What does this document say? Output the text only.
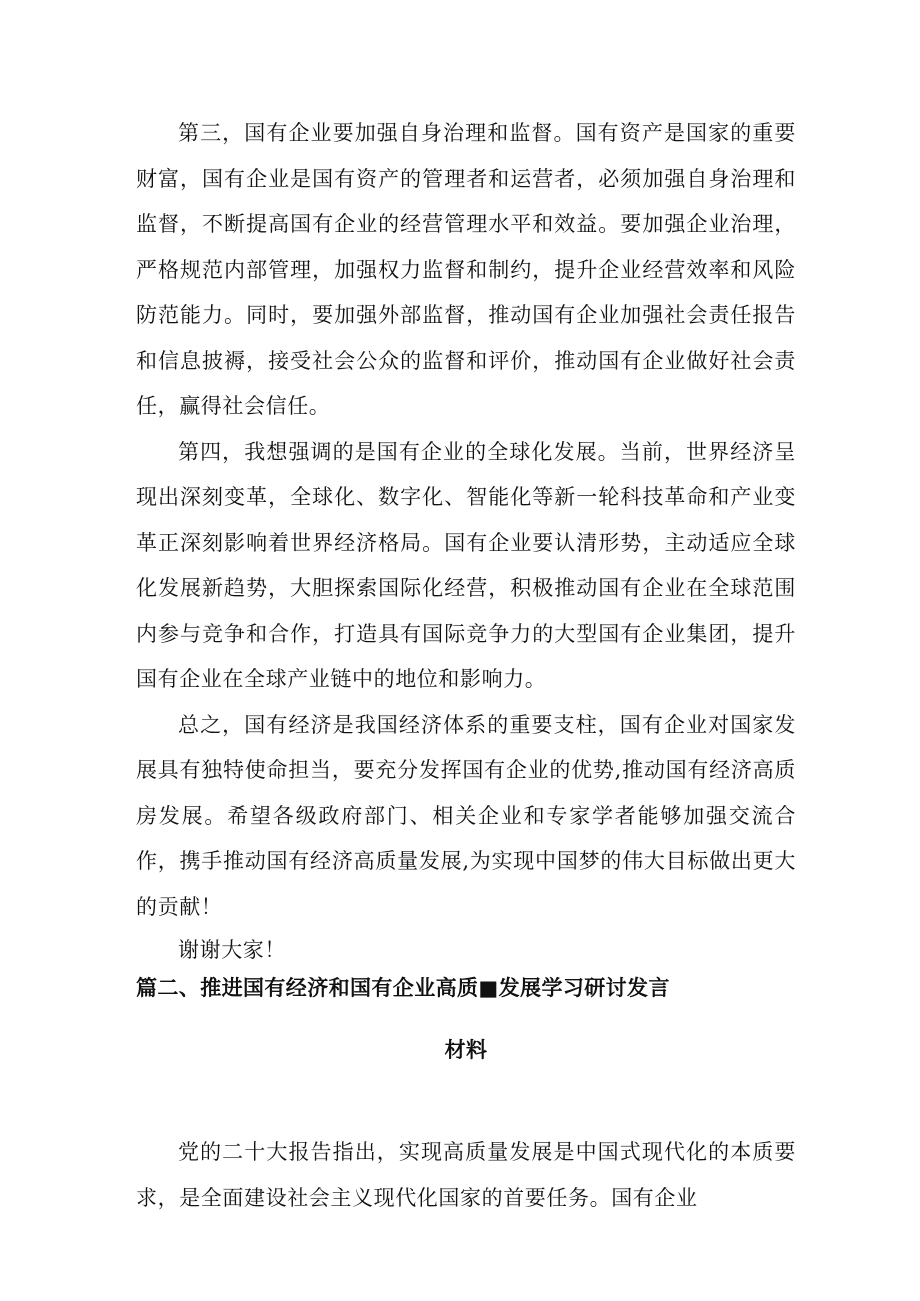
第三，国有企业要加强自身治理和监督。国有资产是国家的重要财富，国有企业是国有资产的管理者和运营者，必须加强自身治理和监督，不断提高国有企业的经营管理水平和效益。要加强企业治理，严格规范内部管理，加强权力监督和制约，提升企业经营效率和风险防范能力。同时，要加强外部监督，推动国有企业加强社会责任报告和信息披褥，接受社会公众的监督和评价，推动国有企业做好社会责任，赢得社会信任。

第四，我想强调的是国有企业的全球化发展。当前，世界经济呈现出深刻变革，全球化、数字化、智能化等新一轮科技革命和产业变革正深刻影响着世界经济格局。国有企业要认清形势，主动适应全球化发展新趋势，大胆探索国际化经营，积极推动国有企业在全球范围内参与竞争和合作，打造具有国际竞争力的大型国有企业集团，提升国有企业在全球产业链中的地位和影响力。

总之，国有经济是我国经济体系的重要支柱，国有企业对国家发展具有独特使命担当，要充分发挥国有企业的优势,推动国有经济高质房发展。希望各级政府部门、相关企业和专家学者能够加强交流合作，携手推动国有经济高质量发展,为实现中国梦的伟大目标做出更大的贡献！

谢谢大家！

篇二、推进国有经济和国有企业高质■发展学习研讨发言
材料

党的二十大报告指出，实现高质量发展是中国式现代化的本质要求，是全面建设社会主义现代化国家的首要任务。国有企业
